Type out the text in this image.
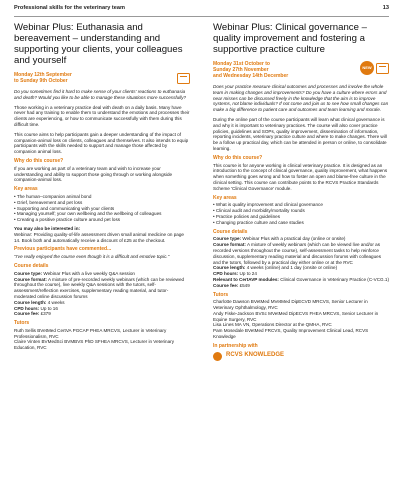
Professional skills for the veterinary team	13
Webinar Plus: Euthanasia and bereavement – understanding and supporting your clients, your colleagues and yourself
Monday 12th September
to Sunday 9th October

Do you sometimes find it hard to make sense of your clients' reactions to euthanasia and death? Would you like to be able to manage these situations more successfully?

Those working in a veterinary practice deal with death on a daily basis. Many have never had any training to enable them to understand the emotions and processes their clients are experiencing, or how to communicate successfully with them during this difficult time.

This course aims to help participants gain a deeper understanding of the impact of companion-animal loss on clients, colleagues and themselves. It also intends to equip participants with the skills needed to support and manage those affected by companion animal loss.

Why do this course?

If you are working as part of a veterinary team and wish to increase your understanding and ability to support those going through or working alongside companion-animal loss.

Key areas
• The human–companion animal bond
• Grief, bereavement and pet loss
• Supporting and communicating with your clients
• Managing yourself; your own wellbeing and the wellbeing of colleagues
• Creating a positive practice culture around pet loss
You may also be interested in:

Webinar: Providing quality-of-life assessment driven small animal medicine on page 14. Book both and automatically receive a discount of £25 at the checkout.

Previous participants have commented...

"I've really enjoyed the course even though it is a difficult and emotive topic."

Course details
Course type: Webinar Plus with a live weekly Q&A session
Course format: A mixture of pre-recorded weekly webinars (which can be reviewed throughout the course), live weekly Q&A sessions with the tutors, self-assessment/reflection exercises, supplementary reading material, and tutor-moderated online discussion forums
Course length: 4 weeks
CPD hours: Up to 16
Course fee: £379
Tutors
Ruth Sellis BVetMed CertVA PGCAP PHEA MRCVS, Lecturer in Veterinary Professionalism, RVC
Claire Vinten BVMedSci BVMBVS PhD SFHEA MRCVS, Lecturer in Veterinary Education, RVC
Webinar Plus: Clinical governance – quality improvement and fostering a supportive practice culture
Monday 31st October to
Sunday 27th November
and Wednesday 14th December
NEW

Does your practice measure clinical outcomes and processes and involve the whole team in making changes and improvements? Do you have a culture where errors and near misses can be discussed freely in the knowledge that the aim is to improve systems, not blame individuals? If not come and join us to see how small changes can make a big difference to patient care and outcomes and team learning and morale.

During the online part of the course participants will learn what clinical governance is and why it is important to veterinary practices. The course will also cover practice policies, guidelines and SOPs, quality improvement, dissemination of information, reporting incidents, veterinary practice culture and where to make changes. There will be a follow up practical day, which can be attended in person or online, to consolidate learning.

Why do this course?

This course is for anyone working in clinical veterinary practice. It is designed as an introduction to the concept of clinical governance, quality improvement, what happens when something goes wrong and how to foster an open and blame-free culture in the clinical setting. This course can contribute points to the RCVS Practice Standards Scheme 'Clinical Governance' module.

Key areas
• What is quality improvement and clinical governance
• Clinical audit and morbidity/mortality rounds
• Practice policies and guidelines
• Changing practice culture and case studies
Course details
Course type: Webinar Plus with a practical day (online or onsite)
Course format: A mixture of weekly webinars (which can be viewed live and/or as recorded versions throughout the course), self-assessment tasks to help reinforce discussion, supplementary reading material and discussion forums with colleagues and the tutors, followed by a practical day either online or at the RVC
Course length: 4 weeks (online) and 1 day (onsite or online)
CPD hours: Up to 24
Relevant to CertAVP modules: Clinical Governance in Veterinary Practice (C-VCG.1)
Course fee: £549
Tutors
Charlotte Dawson BVetMed MVetMed DipECVD MRCVS, Senior Lecturer in Veterinary Ophthalmology, RVC
Andy Fiske-Jackson BVSc MVetMed DipECVS FHEA MRCVS, Senior Lecturer in Equine Surgery, RVC
Lisa Lines MA VN, Operations Director at the QMHA, RVC
Pam Mosedale BVetMed FRCVS, Quality Improvement Clinical Lead, RCVS Knowledge
In partnership with
RCVS KNOWLEDGE
